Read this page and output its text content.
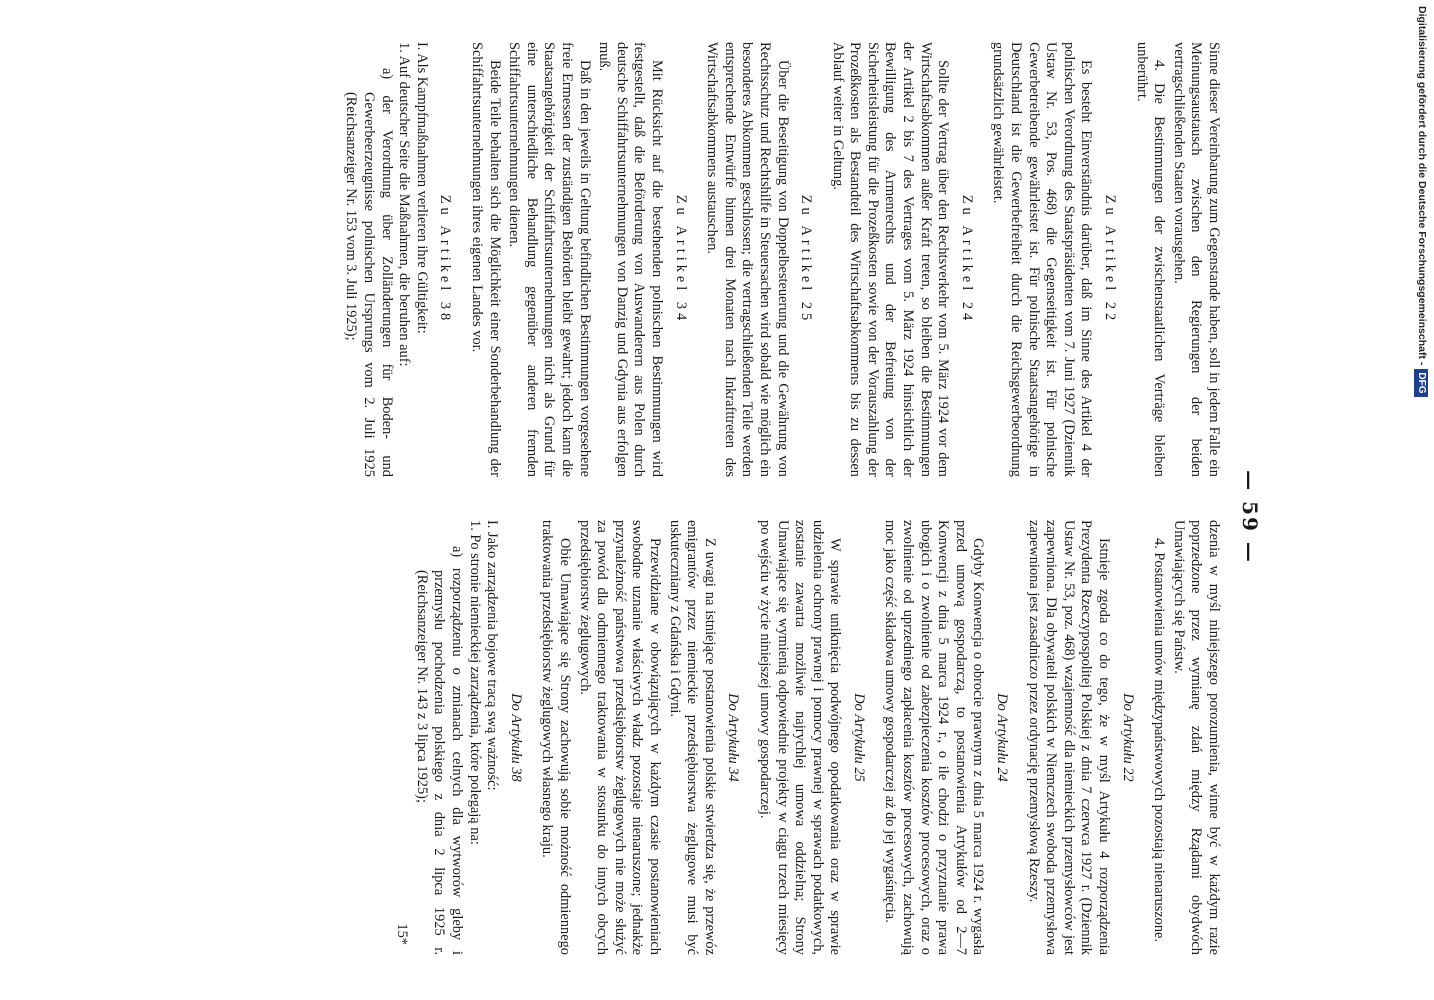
— 59 —

Sinne dieser Vereinbarung zum Gegenstande haben, soll in jedem Falle ein Meinungsaustausch zwischen den Regierungen der beiden vertragschließenden Staaten vorausgehen.

4. Die Bestimmungen der zwischenstaatlichen Verträge bleiben unberührt.

Zu Artikel 22

Es besteht Einverständnis darüber, daß im Sinne des Artikel 4 der polnischen Verordnung des Staatspräsidenten vom 7. Juni 1927 (Dziennik Ustaw Nr. 53, Pos. 468) die Gegenseitigkeit ist. Für polnische Gewerbetreibende gewährleistet ist. Für polnische Staatsangehörige in Deutschland ist die Gewerbefreiheit durch die Reichsgewerbeordnung grundsätzlich gewährleistet.

Zu Artikel 24

Sollte der Vertrag über den Rechtsverkehr vom 5. März 1924 vor dem Wirtschaftsabkommen außer Kraft treten, so bleiben die Bestimmungen der Artikel 2 bis 7 des Vertrages vom 5. März 1924 hinsichtlich der Bewilligung des Armenrechts und der Befreiung von der Sicherheitsleistung für die Prozeßkosten sowie von der Vorauszahlung der Prozeßkosten als Bestandteil des Wirtschaftsabkommens bis zu dessen Ablauf weiter in Geltung.

Zu Artikel 25

Über die Beseitigung von Doppelbesteuerung und die Gewährung von Rechtsschutz und Rechtshilfe in Steuersachen wird sobald wie möglich ein besonderes Abkommen geschlossen; die vertragschließenden Teile werden entsprechende Entwürfe binnen drei Monaten nach Inkrafttreten des Wirtschaftsabkommens austauschen.

Zu Artikel 34

Mit Rücksicht auf die bestehenden polnischen Bestimmungen wird festgestellt, daß die Beförderung von Auswanderern aus Polen durch deutsche Schiffahrtsunternehmungen von Danzig und Gdynia aus erfolgen muß.

Daß in den jeweils in Geltung befindlichen Bestimmungen vorgesehene freie Ermessen der zuständigen Behörden bleibt gewahrt; jedoch kann die Staatsangehörigkeit der Schiffahrtsunternehmungen nicht als Grund für eine unterschiedliche Behandlung gegenüber anderen fremden Schiffahrtsunternehmungen dienen.

Beide Teile behalten sich die Möglichkeit einer Sonderbehandlung der Schiffahrtsunternehmungen ihres eigenen Landes vor.

Zu Artikel 38

I. Als Kampfmaßnahmen verlieren ihre Gültigkeit:

1. Auf deutscher Seite die Maßnahmen, die beruhen auf:

a) der Verordnung über Zolländerungen für Boden- und Gewerbeerzeugnisse polnischen Ursprungs vom 2. Juli 1925 (Reichsanzeiger Nr. 153 vom 3. Juli 1925);

dzenia w myśl niniejszego porozumienia, winne być w każdym razie poprzedzone przez wymianę zdań między Rządami obydwóch Umawiających się Państw.

4. Postanowienia umów międzypaństwowych pozostają nienaruszone.

Do Artykułu 22

Istnieje zgoda co do tego, że w myśl Artykułu 4 rozporządzenia Prezydenta Rzeczypospolitej Polskiej z dnia 7 czerwca 1927 r. (Dziennik Ustaw Nr. 53, poz. 468) wzajemność dla niemieckich przemysłowców jest zapewniona. Dla obywateli polskich w Niemczech swoboda przemysłowa zapewniona jest zasadniczo przez ordynację przemysłową Rzeszy.

Do Artykułu 24

Gdyby Konwencja o obrocie prawnym z dnia 5 marca 1924 r. wygasła przed umową gospodarczą, to postanowienia Artykułów od 2—7 Konwencji z dnia 5 marca 1924 r., o ile chodzi o przyznanie prawa ubogich i o zwolnienie od zabezpieczenia kosztów procesowych, oraz o zwolnienie od uprzedniego zapłacenia kosztów procesowych, zachowują moc jako część składowa umowy gospodarczej aż do jej wygaśnięcia.

Do Artykułu 25

W sprawie uniknięcia podwójnego opodatkowania oraz w sprawie udzielenia ochrony prawnej i pomocy prawnej w sprawach podatkowych, zostanie zawarta możliwie najrychlej umowa oddzielna; Strony Umawiające się wymienią odpowiednie projekty w ciągu trzech miesięcy po wejściu w życie niniejszej umowy gospodarczej.

Do Artykułu 34

Z uwagi na istniejące postanowienia polskie stwierdza się, że przewóz emigrantów przez niemieckie przedsiębiorstwa żeglugowe musi być uskuteczniany z Gdańska i Gdyni.

Przewidziane w obowiązujących w każdym czasie postanowieniach swobodne uznanie właściwych władz pozostaje nienaruszone; jednakże przynależność państwowa przedsiębiorstw żeglugowych nie może służyć za powód dla odmiennego traktowania w stosunku do innych obcych przedsiębiorstw żeglugowych.

Obie Umawiające się Strony zachowują sobie możność odmiennego traktowania przedsiębiorstw żeglugowych własnego kraju.

Do Artykułu 38

I. Jako zarządzenia bojowe tracą swą ważność:

1. Po stronie niemieckiej zarządzenia, które polegają na:

a) rozporządzeniu o zmianach celnych dla wytworów gleby i przemysłu pochodzenia polskiego z dnia 2 lipca 1925 r. (Reichsanzeiger Nr. 143 z 3 lipca 1925);

15*
Digitalisierung gefördert durch die Deutsche Forschungsgemeinschaft -DFG
